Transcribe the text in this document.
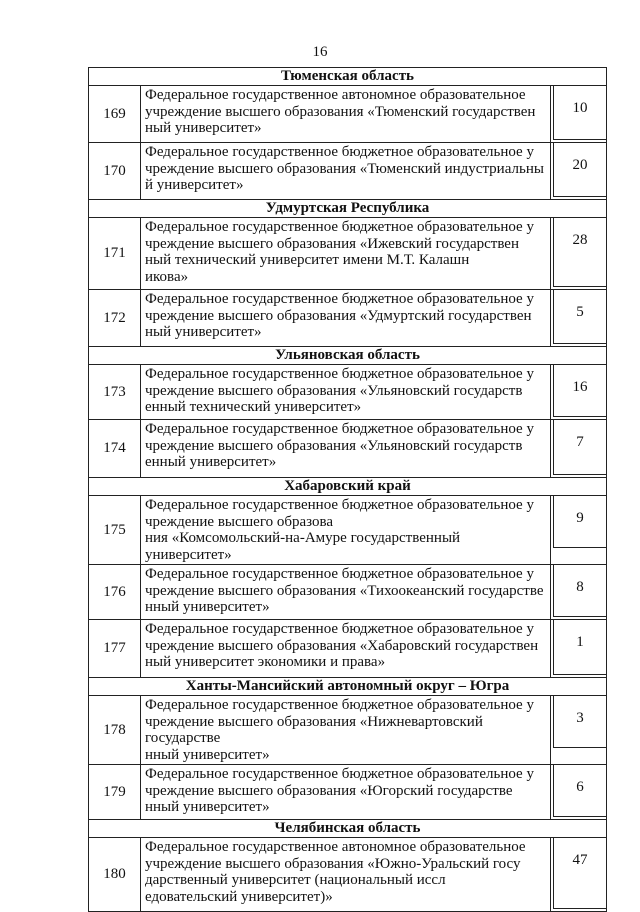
16
Тюменская область		
169	Федеральное государственное автономное образовательное
учреждение высшего образования «Тюменский государствен
ный университет»	10

170	Федеральное государственное бюджетное образовательное у
чреждение высшего образования «Тюменский индустриальны
й университет»	20

Удмуртская Республика		
171	Федеральное государственное бюджетное образовательное у
чреждение высшего образования «Ижевский государствен
ный технический университет имени М.Т. Калашн
икова»	28

172	Федеральное государственное бюджетное образовательное у
чреждение высшего образования «Удмуртский государствен
ный университет»	5

Ульяновская область		
173	Федеральное государственное бюджетное образовательное у
чреждение высшего образования «Ульяновский государств
енный технический университет»	16

174	Федеральное государственное бюджетное образовательное у
чреждение высшего образования «Ульяновский государств
енный университет»	7

Хабаровский край		
175	Федеральное государственное бюджетное образовательное у
чреждение высшего образова
ния «Комсомольский-на-Амуре государственный университет»	9

176	Федеральное государственное бюджетное образовательное у
чреждение высшего образования «Тихоокеанский государстве
нный университет»	8

177	Федеральное государственное бюджетное образовательное у
чреждение высшего образования «Хабаровский государствен
ный университет экономики и права»	1

Ханты-Мансийский автономный округ – Югра		
178	Федеральное государственное бюджетное образовательное у
чреждение высшего образования «Нижневартовский государстве
нный университет»	3

179	Федеральное государственное бюджетное образовательное у
чреждение высшего образования «Югорский государстве
нный университет»	6

Челябинская область		
180	Федеральное государственное автономное образовательное
учреждение высшего образования «Южно-Уральский госу
дарственный университет (национальный иссл
едовательский университет)»	47
